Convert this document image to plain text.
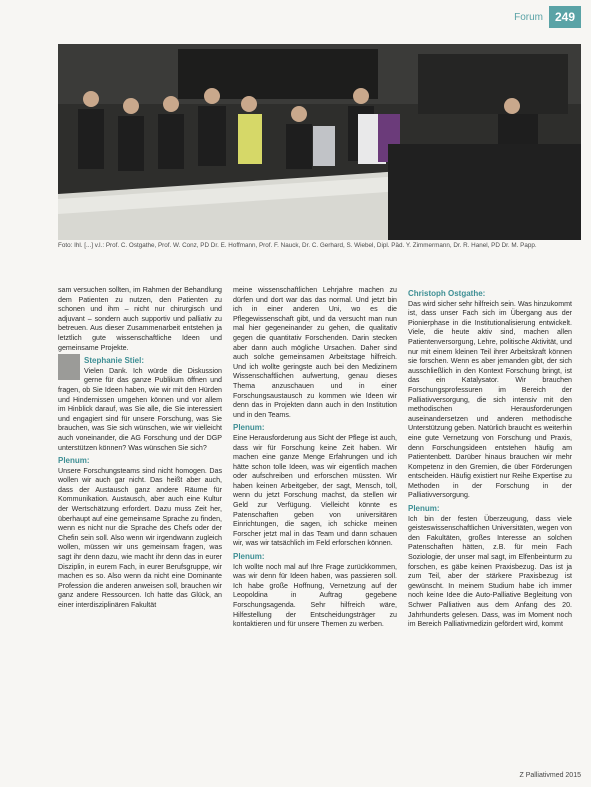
Forum 249
Foto: Ihl. [...] v.l.: Prof. C. Ostgathe, Prof. W. Conz, PD Dr. E. Hoffmann, Prof. F. Nauck, Dr. C. Gerhard, S. Wiebel, Dipl. Päd. Y. Zimmermann, Dr. R. Hanel, PD Dr. M. Papp.

sam versuchen sollten, im Rahmen der Behandlung dem Patienten zu nutzen, den Patienten zu schonen und ihm – nicht nur chirurgisch und adjuvant – sondern auch supportiv und palliativ zu betreuen. Aus dieser Zusammenarbeit entstehen ja letztlich gute wissenschaftliche Ideen und gemeinsame Projekte.

Stephanie Stiel:

Vielen Dank. Ich würde die Diskussion gerne für das ganze Publikum öffnen und fragen, ob Sie Ideen haben, wie wir mit den Hürden und Hindernissen umgehen können und vor allem im Hinblick darauf, was Sie alle, die Sie interessiert und engagiert sind für unsere Forschung, was Sie brauchen, was Sie sich wünschen, wie wir vielleicht auch voneinander, die AG Forschung und der DGP unterstützen können? Was wünschen Sie sich?

Plenum:

Unsere Forschungsteams sind nicht homogen. Das wollen wir auch gar nicht. Das heißt aber auch, dass der Austausch ganz andere Räume für Kommunikation. Austausch, aber auch eine Kultur der Wertschätzung erfordert. Dazu muss Zeit her, überhaupt auf eine gemeinsame Sprache zu finden, wenn es nicht nur die Sprache des Chefs oder der Chefin sein soll. Also wenn wir irgendwann zugleich wollen, müssen wir uns gemeinsam fragen, was sagt ihr denn dazu, wie macht ihr denn das in eurer Disziplin, in eurem Fach, in eurer Berufsgruppe, wir machen es so. Also wenn da nicht eine Dominante Profession die anderen anweisen soll, brauchen wir ganz andere Ressourcen. Ich hatte das Glück, an einer interdisziplinären Fakultät

meine wissenschaftlichen Lehrjahre machen zu dürfen und dort war das das normal. Und jetzt bin ich in einer anderen Uni, wo es die Pflegewissenschaft gibt, und da versucht man nun mal hier gegeneinander zu gehen, die qualitativ gegen die quantitativ Forschenden. Darin stecken aber dann auch mögliche Ursachen. Daher sind auch solche gemeinsamen Arbeitstage hilfreich. Und ich wollte geringste auch bei den Medizinern Wissenschaftlichen aufwertung, genau dieses Thema anzuschauen und in einer Forschungsaustausch zu kommen wie Ideen wir denn das in Projekten dann auch in den Institution und in den Teams.

Plenum:

Eine Herausforderung aus Sicht der Pflege ist auch, dass wir für Forschung keine Zeit haben. Wir machen eine ganze Menge Erfahrungen und ich hätte schon tolle Ideen, was wir eigentlich machen oder aufschreiben und erforschen müssten. Wir haben keinen Arbeitgeber, der sagt, Mensch, toll, wenn du jetzt Forschung machst, da stellen wir Geld zur Verfügung. Vielleicht könnte es Patenschaften geben von universitären Einrichtungen, die sagen, ich schicke meinen Forscher jetzt mal in das Team und dann schauen wir, was wir tatsächlich im Feld erforschen können.

Plenum:

Ich wollte noch mal auf Ihre Frage zurückkommen, was wir denn für Ideen haben, was passieren soll. Ich habe große Hoffnung, Vernetzung auf der Leopoldina in Auftrag gegebene Forschungsagenda. Sehr hilfreich wäre, Hilfestellung der Entscheidungsträger zu kontaktieren und für unsere Themen zu werben.

Christoph Ostgathe:

Das wird sicher sehr hilfreich sein. Was hinzukommt ist, dass unser Fach sich im Übergang aus der Pionierphase in die Institutionalisierung entwickelt. Viele, die heute aktiv sind, machen allen Patientenversorgung, Lehre, politische Aktivität, und nur mit einem kleinen Teil ihrer Arbeitskraft können sie forschen. Wenn es aber jemanden gibt, der sich ausschließlich in den Kontext Forschung bringt, ist das ein Katalysator. Wir brauchen Forschungsprofessuren im Bereich der Palliativversorgung, die sich intensiv mit den methodischen Herausforderungen auseinandersetzen und anderen methodische Unterstützung geben. Natürlich braucht es weiterhin eine gute Vernetzung von Forschung und Praxis, denn Forschungsideen entstehen häufig am Patientenbett. Darüber hinaus brauchen wir mehr Kompetenz in den Gremien, die über Förderungen entscheiden. Häufig existiert nur Reihe Expertise zu Methoden in der Forschung in der Palliativversorgung.

Plenum:

Ich bin der festen Überzeugung, dass viele geisteswissenschaftlichen Universitäten, wegen von den Fakultäten, großes Interesse an solchen Patenschaften hätten, z.B. für mein Fach Soziologie, der unser mal sagt, im Elfenbeinturm zu forschen, es gäbe keinen Praxisbezug. Das ist ja zum Teil, aber der stärkere Praxisbezug ist gewünscht. In meinem Studium habe ich immer noch keine Idee die Auto-Palliative Begleitung von Schwer Palliativen aus dem Anfang des 20. Jahrhunderts gelesen. Dass, was im Moment noch im Bereich Palliativmedizin gefördert wird, kommt

Z Palliativmed 2015
